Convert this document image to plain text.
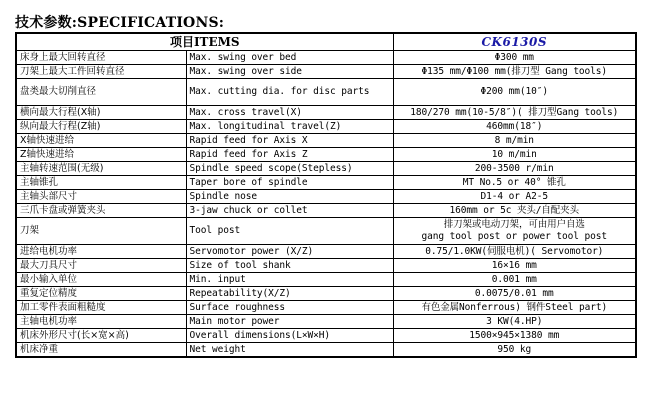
技术参数:SPECIFICATIONS:
项目ITEMS		CK6130S
床身上最大回转直径	Max. swing over bed	Φ300 mm
刀架上最大工件回转直径	Max. swing over side	Φ135 mm/Φ100 mm(排刀型 Gang tools)
盘类最大切削直径	Max. cutting dia. for disc parts	Φ200 mm(10″)
横向最大行程(X轴)	Max. cross travel(X)	180/270 mm(10-5/8″)( 排刀型Gang tools)
纵向最大行程(Z轴)	Max. longitudinal travel(Z)	460mm(18″)
X轴快速进给	Rapid feed for Axis X	8 m/min
Z轴快速进给	Rapid feed for Axis Z	10 m/min
主轴转速范围(无级)	Spindle speed scope(Stepless)	200-3500 r/min
主轴锥孔	Taper bore of spindle	MT No.5 or 40° 锥孔
主轴头部尺寸	Spindle nose	D1-4 or A2-5
三爪卡盘或弹簧夹头	3-jaw chuck or collet	160mm or 5c 夹头/自配夹头
刀架	Tool post	排刀架或电动刀架，可由用户自选
gang tool post or power tool post
进给电机功率	Servomotor power (X/Z)	0.75/1.0KW(伺服电机)( Servomotor)
最大刀具尺寸	Size of tool shank	16×16 mm
最小输入单位	Min. input	0.001 mm
重复定位精度	Repeatability(X/Z)	0.0075/0.01 mm
加工零件表面粗糙度	Surface roughness	有色金属Nonferrous) 钢件Steel part)
主轴电机功率	Main motor power	3 KW(4.HP)
机床外形尺寸(长×宽×高)	Overall dimensions(L×W×H)	1500×945×1380 mm
机床净重	Net weight	950 kg
